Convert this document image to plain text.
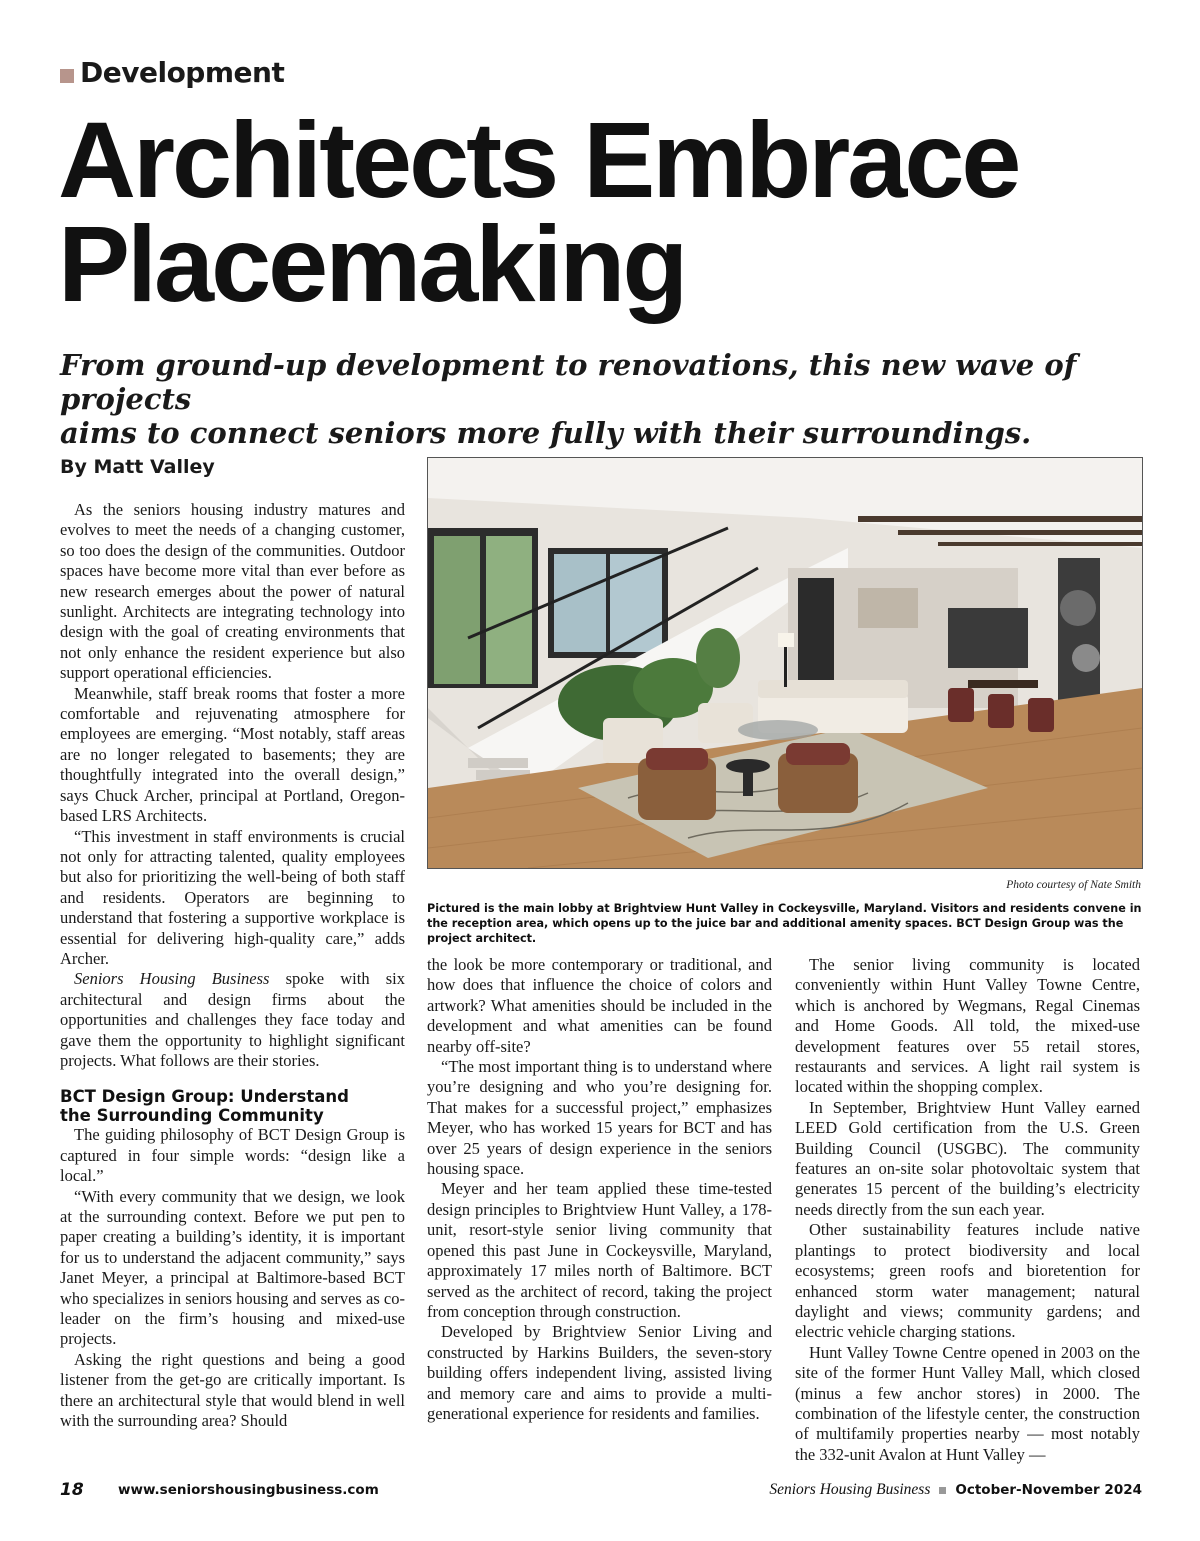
Development
Architects Embrace
Placemaking

From ground-up development to renovations, this new wave of projects
aims to connect seniors more fully with their surroundings.

By Matt Valley

As the seniors housing industry matures and evolves to meet the needs of a changing customer, so too does the design of the communities. Outdoor spaces have become more vital than ever before as new research emerges about the power of natural sunlight. Architects are integrating technology into design with the goal of creating environments that not only enhance the resident experience but also support operational efficiencies.

Meanwhile, staff break rooms that foster a more comfortable and rejuvenating atmosphere for employees are emerging. “Most notably, staff areas are no longer relegated to basements; they are thoughtfully integrated into the overall design,” says Chuck Archer, principal at Portland, Oregon-based LRS Architects.

“This investment in staff environments is crucial not only for attracting talented, quality employees but also for prioritizing the well-being of both staff and residents. Operators are beginning to understand that fostering a supportive workplace is essential for delivering high-quality care,” adds Archer.

Seniors Housing Business spoke with six architectural and design firms about the opportunities and challenges they face today and gave them the opportunity to highlight significant projects. What follows are their stories.

BCT Design Group: Understand
the Surrounding Community

The guiding philosophy of BCT Design Group is captured in four simple words: “design like a local.”

“With every community that we design, we look at the surrounding context. Before we put pen to paper creating a building’s identity, it is important for us to understand the adjacent community,” says Janet Meyer, a principal at Baltimore-based BCT who specializes in seniors housing and serves as co-leader on the firm’s housing and mixed-use projects.

Asking the right questions and being a good listener from the get-go are critically important. Is there an architectural style that would blend in well with the surrounding area? Should

Photo courtesy of Nate Smith
Pictured is the main lobby at Brightview Hunt Valley in Cockeysville, Maryland. Visitors and residents convene in the reception area, which opens up to the juice bar and additional amenity spaces. BCT Design Group was the project architect.

the look be more contemporary or traditional, and how does that influence the choice of colors and artwork? What amenities should be included in the development and what amenities can be found nearby off-site?

“The most important thing is to understand where you’re designing and who you’re designing for. That makes for a successful project,” emphasizes Meyer, who has worked 15 years for BCT and has over 25 years of design experience in the seniors housing space.

Meyer and her team applied these time-tested design principles to Brightview Hunt Valley, a 178-unit, resort-style senior living community that opened this past June in Cockeysville, Maryland, approximately 17 miles north of Baltimore. BCT served as the architect of record, taking the project from conception through construction.

Developed by Brightview Senior Living and constructed by Harkins Builders, the seven-story building offers independent living, assisted living and memory care and aims to provide a multi-generational experience for residents and families.

The senior living community is located conveniently within Hunt Valley Towne Centre, which is anchored by Wegmans, Regal Cinemas and Home Goods. All told, the mixed-use development features over 55 retail stores, restaurants and services. A light rail system is located within the shopping complex.

In September, Brightview Hunt Valley earned LEED Gold certification from the U.S. Green Building Council (USGBC). The community features an on-site solar photovoltaic system that generates 15 percent of the building’s electricity needs directly from the sun each year.

Other sustainability features include native plantings to protect biodiversity and local ecosystems; green roofs and bioretention for enhanced storm water management; natural daylight and views; community gardens; and electric vehicle charging stations.

Hunt Valley Towne Centre opened in 2003 on the site of the former Hunt Valley Mall, which closed (minus a few anchor stores) in 2000. The combination of the lifestyle center, the construction of multifamily properties nearby — most notably the 332-unit Avalon at Hunt Valley —

18	www.seniorshousingbusiness.com	Seniors Housing Business October-November 2024
